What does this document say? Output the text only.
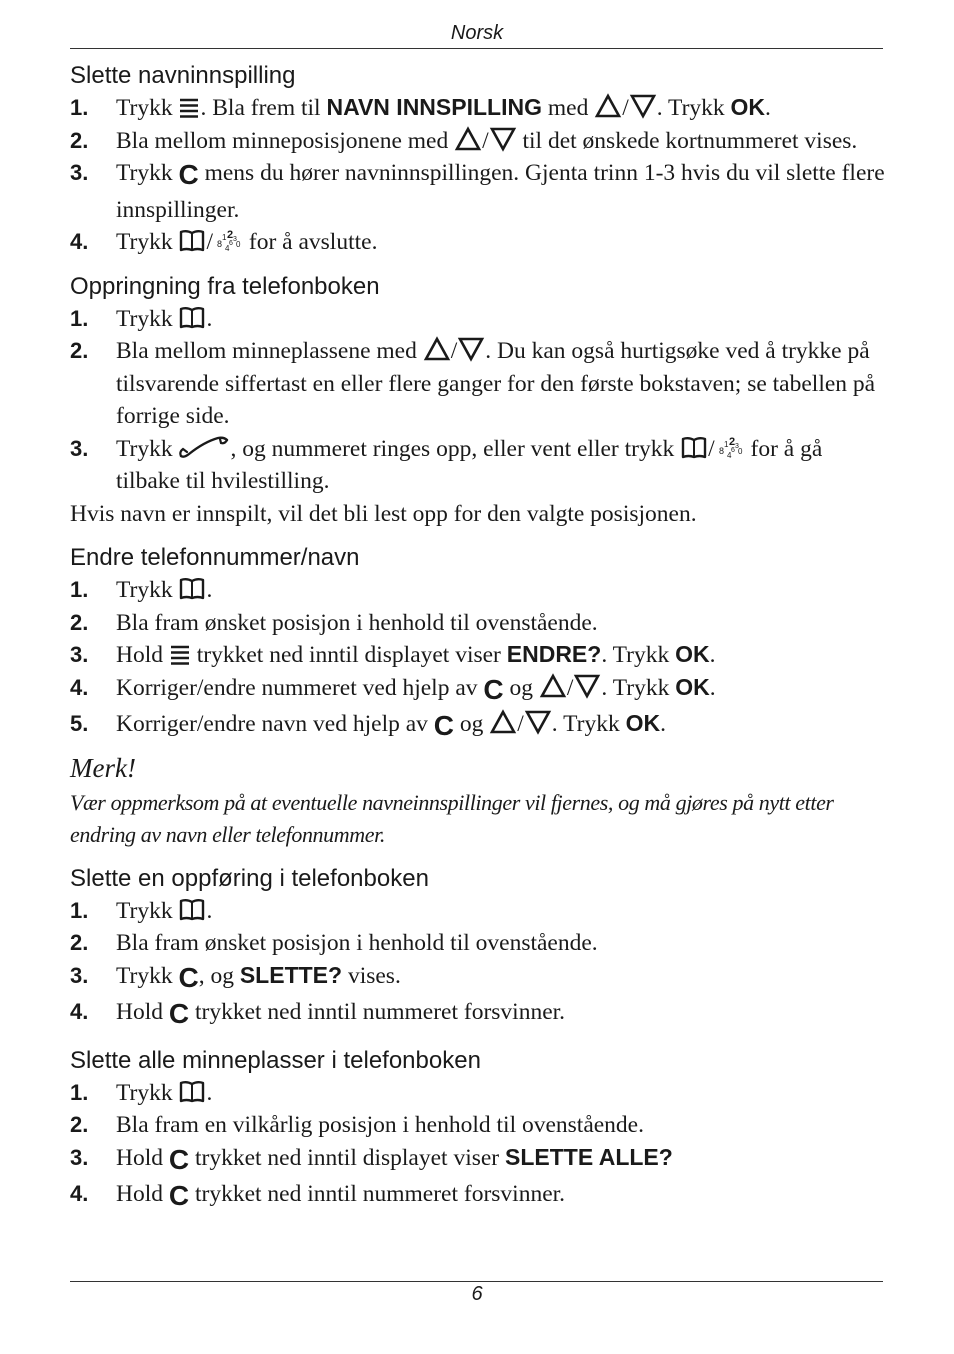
Norsk
Slette navninnspilling
1.	Trykk
. Bla frem til NAVN INNSPILLING med
/ . Trykk OK.
2.	Bla mellom minneposisjonene med
/
til det ønskede kortnummeret vises.
3.	Trykk C mens du hører navninnspillingen. Gjenta trinn 1-3 hvis du vil slette flere innspillinger.
4.	Trykk
/ 2
1 3
8 0
4
6 for å avslutte.
Oppringning fra telefonboken
1.	Trykk
.
2.	Bla mellom minneplassene med
/ . Du kan også hurtigsøke ved å trykke på tilsvarende siffertast en eller flere ganger for den første bokstaven; se tabellen på forrige side.
3.	Trykk
, og nummeret ringes opp, eller vent eller trykk
/ 2
1 3
8 0
4
6 for å gå tilbake til hvilestilling.
Hvis navn er innspilt, vil det bli lest opp for den valgte posisjonen.
Endre telefonnummer/navn
1.	Trykk
.
2.	Bla fram ønsket posisjon i henhold til ovenstående.
3.	Hold
trykket ned inntil displayet viser ENDRE?. Trykk OK.
4.	Korriger/endre nummeret ved hjelp av C og
/ . Trykk OK.
5.	Korriger/endre navn ved hjelp av C og
/ . Trykk OK.
Merk!
Vær oppmerksom på at eventuelle navneinnspillinger vil fjernes, og må gjøres på nytt etter endring av navn eller telefonnummer.
Slette en oppføring i telefonboken
1.	Trykk
.
2.	Bla fram ønsket posisjon i henhold til ovenstående.
3.	Trykk C, og SLETTE? vises.
4.	Hold C trykket ned inntil nummeret forsvinner.
Slette alle minneplasser i telefonboken
1.	Trykk
.
2.	Bla fram en vilkårlig posisjon i henhold til ovenstående.
3.	Hold C trykket ned inntil displayet viser SLETTE ALLE?
4.	Hold C trykket ned inntil nummeret forsvinner.
6
